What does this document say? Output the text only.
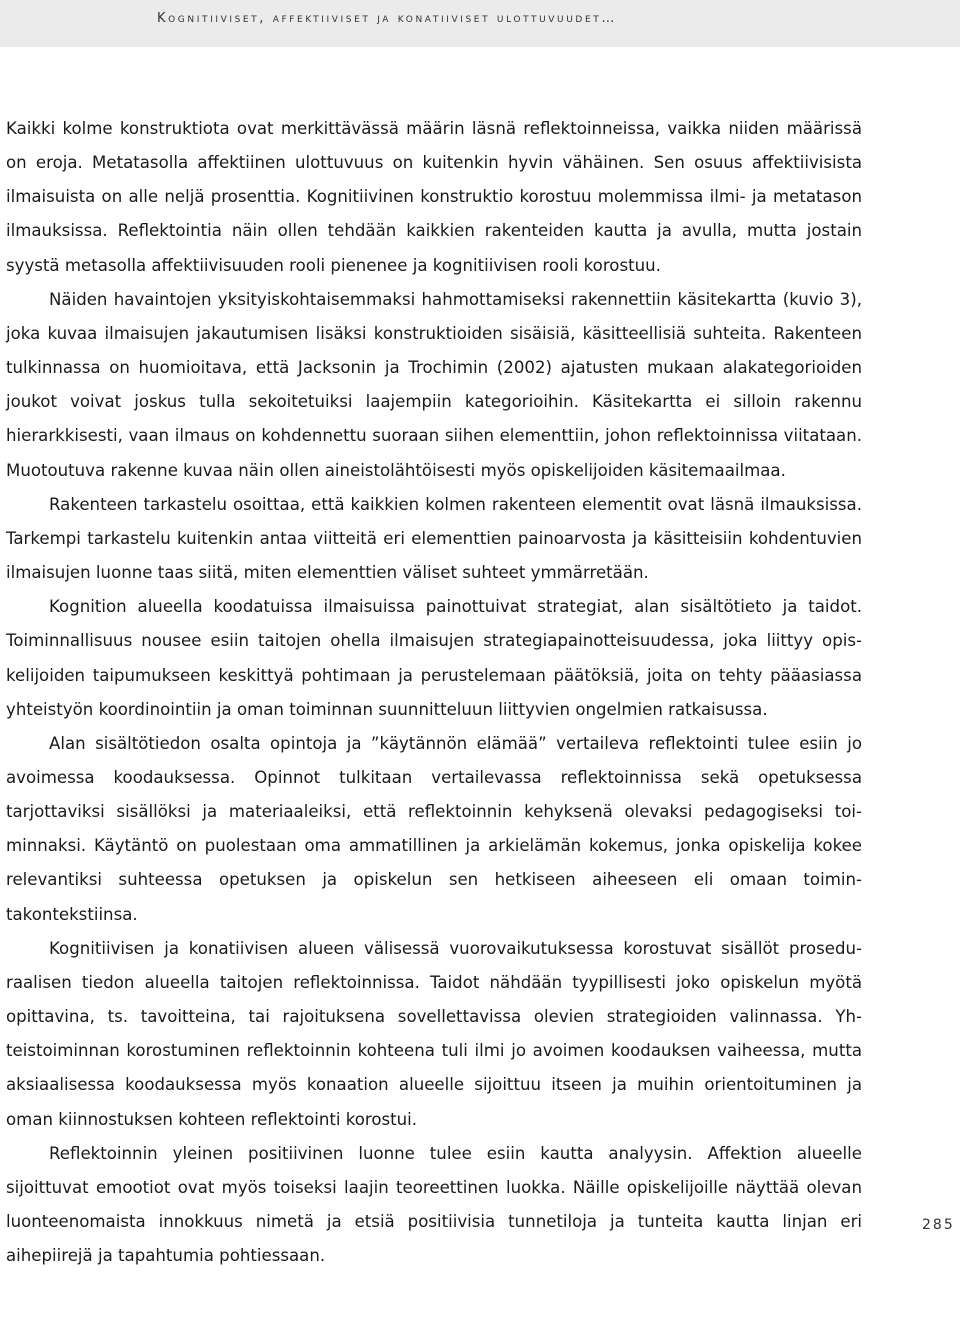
Kognitiiviset, affektiiviset ja konatiiviset ulottuvuudet…

Kaikki kolme konstruktiota ovat merkittävässä määrin läsnä reflektoinneissa, vaikka niiden määrissä on eroja. Metatasolla affektiinen ulottuvuus on kuitenkin hyvin vähäinen. Sen osuus affektiivisista ilmaisuista on alle neljä prosenttia. Kognitiivinen konstruktio korostuu molemmissa ilmi- ja metatason ilmauksissa. Reflektointia näin ollen tehdään kaikkien rakenteiden kautta ja avulla, mutta jostain syystä metasolla affektiivisuuden rooli pienenee ja kognitiivisen rooli korostuu.

Näiden havaintojen yksityiskohtaisemmaksi hahmottamiseksi rakennettiin käsitekartta (kuvio 3), joka kuvaa ilmaisujen jakautumisen lisäksi konstruktioiden sisäisiä, käsitteellisiä suhteita. Rakenteen tulkinnassa on huomioitava, että Jacksonin ja Trochimin (2002) ajatusten mukaan alakategorioiden joukot voivat joskus tulla sekoitetuiksi laajempiin kategorioihin. Käsitekartta ei silloin rakennu hierarkkisesti, vaan ilmaus on kohdennettu suoraan siihen elementtiin, johon reflektoinnissa viitataan. Muotoutuva rakenne kuvaa näin ollen aineistolähtöisesti myös opiskelijoiden käsitemaailmaa.

Rakenteen tarkastelu osoittaa, että kaikkien kolmen rakenteen elementit ovat läsnä ilmauksissa. Tarkempi tarkastelu kuitenkin antaa viitteitä eri elementtien painoarvosta ja käsitteisiin kohdentuvien ilmaisujen luonne taas siitä, miten elementtien väliset suhteet ymmärretään.

Kognition alueella koodatuissa ilmaisuissa painottuivat strategiat, alan sisältötieto ja taidot. Toiminnallisuus nousee esiin taitojen ohella ilmaisujen strategiapainotteisuudessa, joka liittyy opiskelijoiden taipumukseen keskittyä pohtimaan ja perustelemaan päätöksiä, joita on tehty pääasiassa yhteistyön koordinointiin ja oman toiminnan suunnitteluun liittyvien ongelmien ratkaisussa.

Alan sisältötiedon osalta opintoja ja ”käytännön elämää” vertaileva reflektointi tulee esiin jo avoimessa koodauksessa. Opinnot tulkitaan vertailevassa reflektoinnissa sekä opetuksessa tarjottaviksi sisällöksi ja materiaaleiksi, että reflektoinnin kehyksenä olevaksi pedagogiseksi toiminnaksi. Käytäntö on puolestaan oma ammatillinen ja arkielämän kokemus, jonka opiskelija kokee relevantiksi suhteessa opetuksen ja opiskelun sen hetkiseen aiheeseen eli omaan toimintakontekstiinsa.

Kognitiivisen ja konatiivisen alueen välisessä vuorovaikutuksessa korostuvat sisällöt proseduraalisen tiedon alueella taitojen reflektoinnissa. Taidot nähdään tyypillisesti joko opiskelun myötä opittavina, ts. tavoitteina, tai rajoituksena sovellettavissa olevien strategioiden valinnassa. Yhteistoiminnan korostuminen reflektoinnin kohteena tuli ilmi jo avoimen koodauksen vaiheessa, mutta aksiaalisessa koodauksessa myös konaation alueelle sijoittuu itseen ja muihin orientoituminen ja oman kiinnostuksen kohteen reflektointi korostui.

Reflektoinnin yleinen positiivinen luonne tulee esiin kautta analyysin. Affektion alueelle sijoittuvat emootiot ovat myös toiseksi laajin teoreettinen luokka. Näille opiskelijoille näyttää olevan luonteenomaista innokkuus nimetä ja etsiä positiivisia tunnetiloja ja tunteita kautta linjan eri aihepiirejä ja tapahtumia pohtiessaan.

285
